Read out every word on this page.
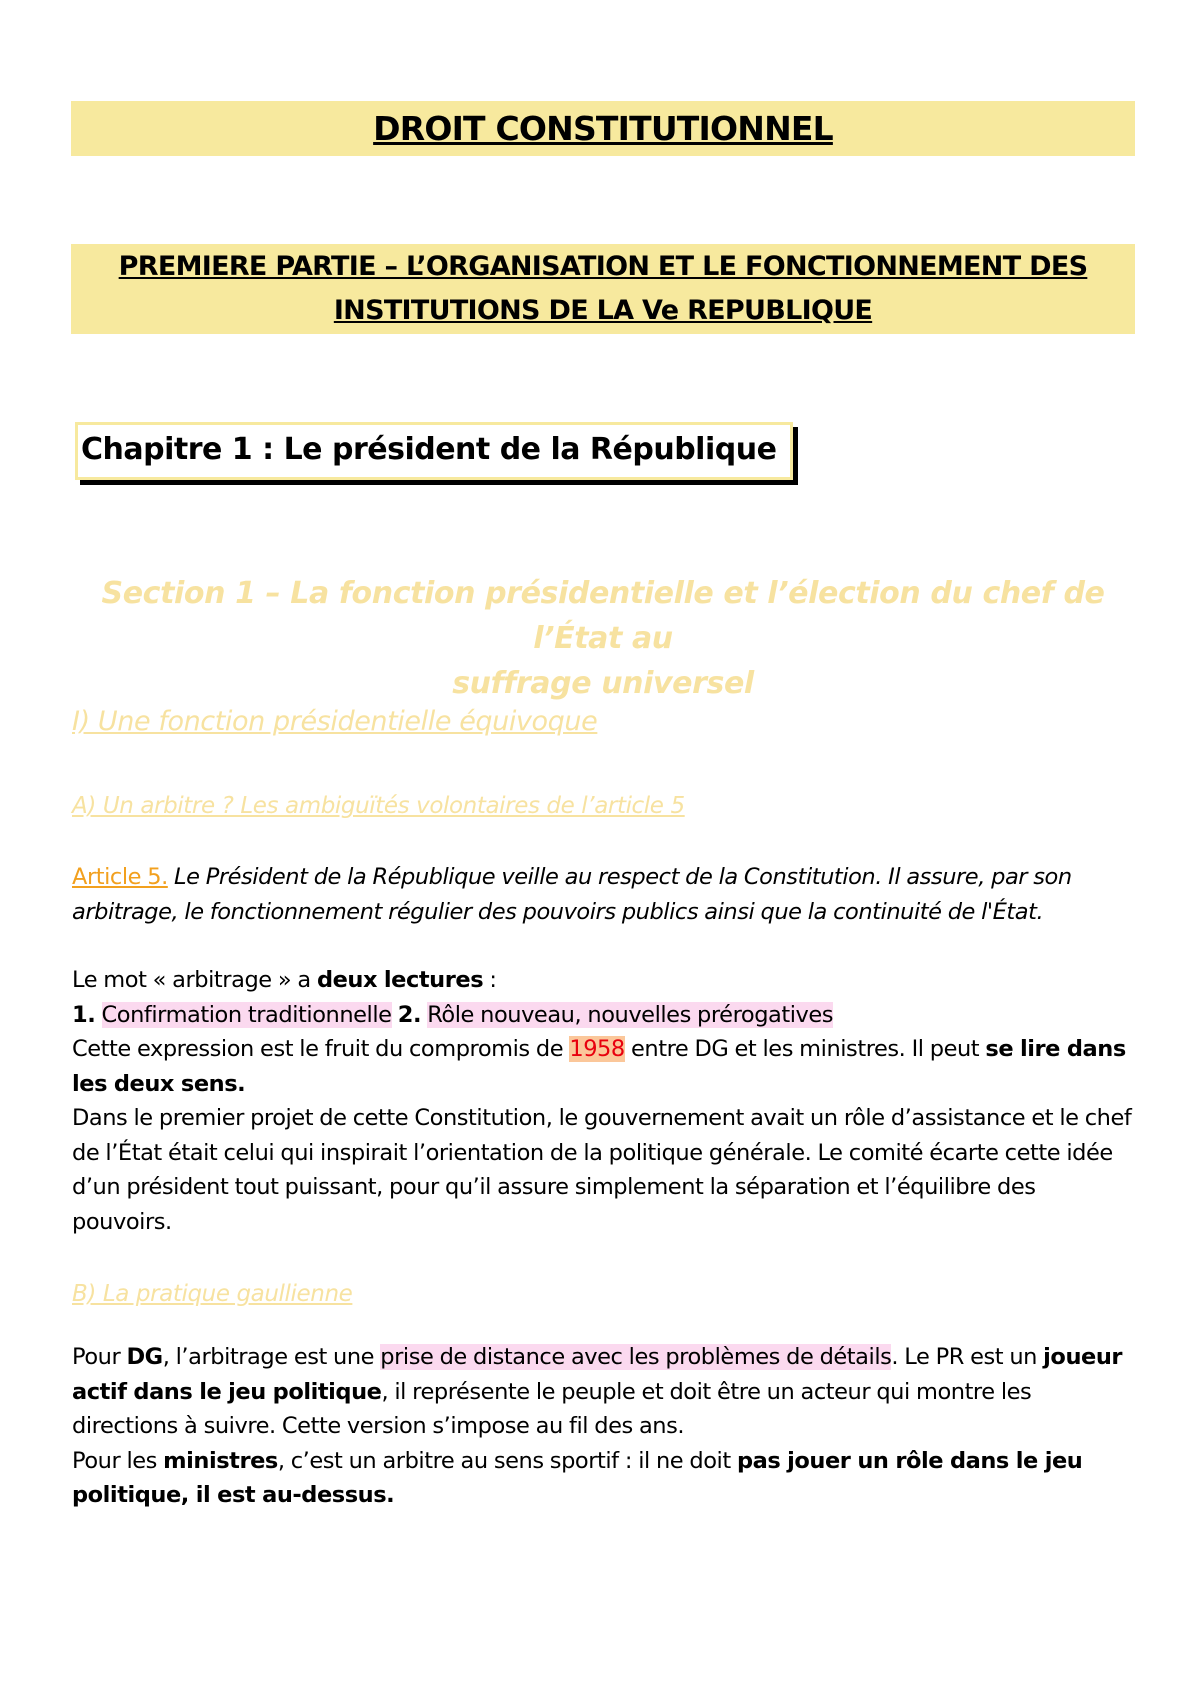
DROIT CONSTITUTIONNEL
PREMIERE PARTIE – L’ORGANISATION ET LE FONCTIONNEMENT DES
INSTITUTIONS DE LA Ve REPUBLIQUE
Chapitre 1 : Le président de la République
Section 1 – La fonction présidentielle et l’élection du chef de l’État au
suffrage universel
I) Une fonction présidentielle équivoque
A) Un arbitre ? Les ambiguïtés volontaires de l’article 5
Article 5. Le Président de la République veille au respect de la Constitution. Il assure, par son arbitrage, le fonctionnement régulier des pouvoirs publics ainsi que la continuité de l'État.
Le mot « arbitrage » a deux lectures :
1. Confirmation traditionnelle 2. Rôle nouveau, nouvelles prérogatives
Cette expression est le fruit du compromis de 1958 entre DG et les ministres. Il peut se lire dans les deux sens.
Dans le premier projet de cette Constitution, le gouvernement avait un rôle d’assistance et le chef de l’État était celui qui inspirait l’orientation de la politique générale. Le comité écarte cette idée d’un président tout puissant, pour qu’il assure simplement la séparation et l’équilibre des pouvoirs.
B) La pratique gaullienne
Pour DG, l’arbitrage est une prise de distance avec les problèmes de détails. Le PR est un joueur actif dans le jeu politique, il représente le peuple et doit être un acteur qui montre les directions à suivre. Cette version s’impose au fil des ans.
Pour les ministres, c’est un arbitre au sens sportif : il ne doit pas jouer un rôle dans le jeu politique, il est au-dessus.
